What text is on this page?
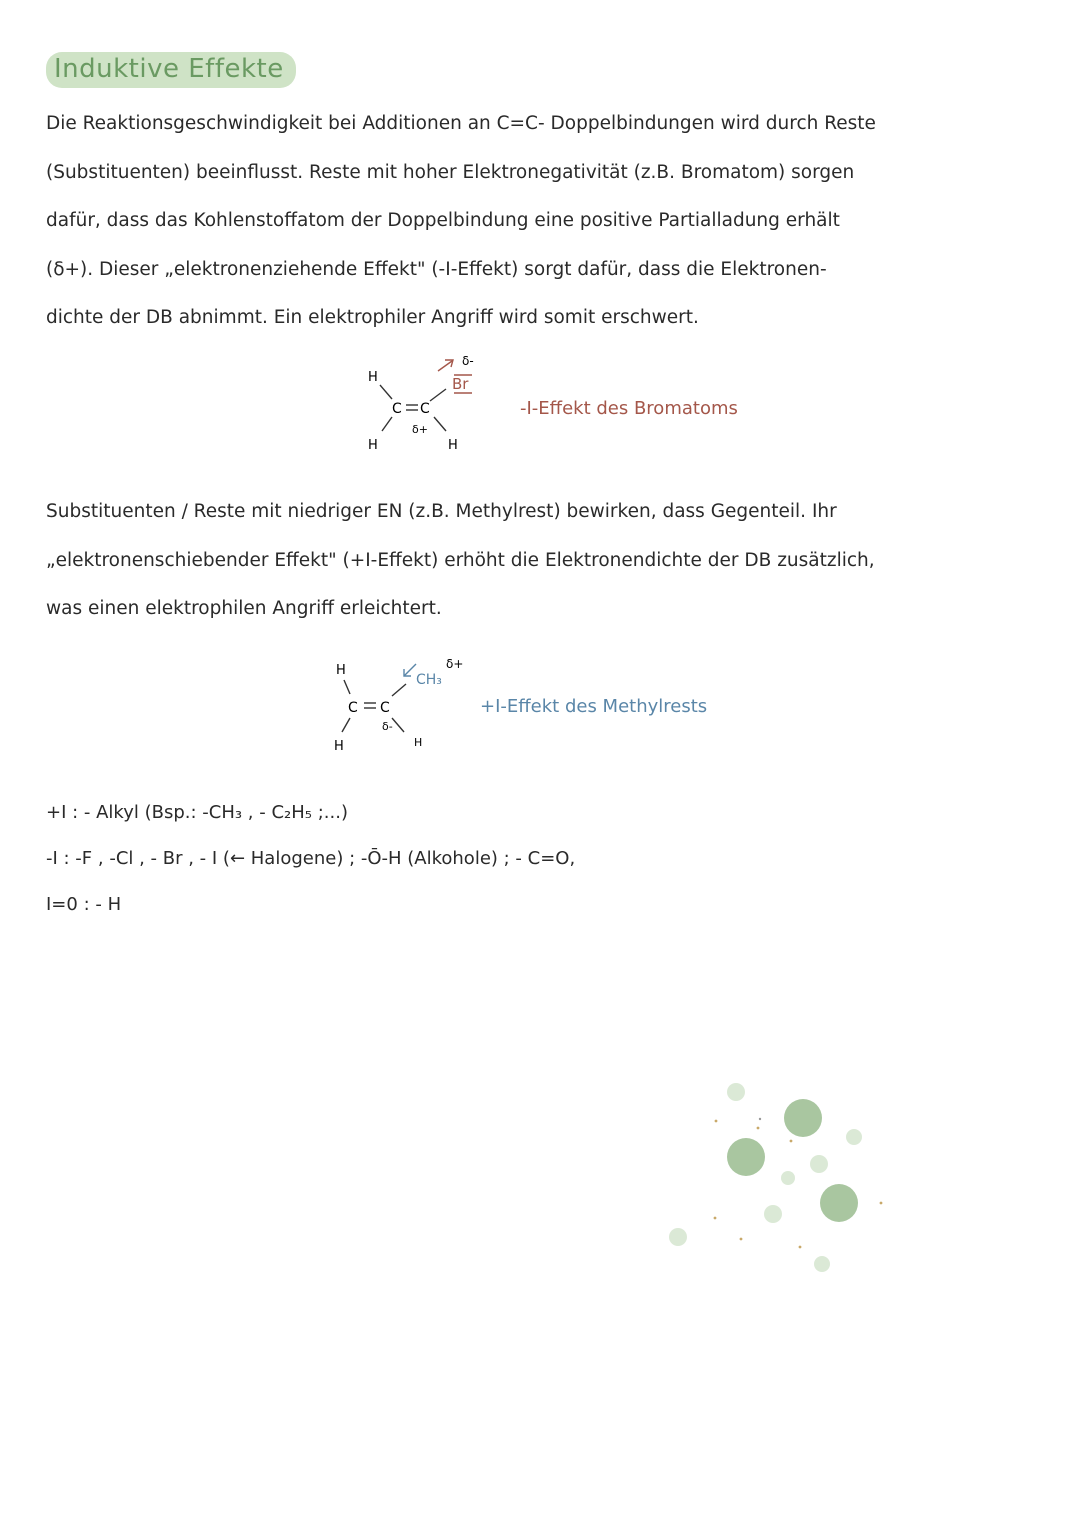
Induktive Effekte

Die Reaktionsgeschwindigkeit bei Additionen an C=C- Doppelbindungen wird durch Reste
(Substituenten) beeinflusst. Reste mit hoher Elektronegativität (z.B. Bromatom) sorgen
dafür, dass das Kohlenstoffatom der Doppelbindung eine positive Partialladung erhält
(δ+). Dieser „elektronenziehende Effekt" (-I-Effekt) sorgt dafür, dass die Elektronen-
dichte der DB abnimmt. Ein elektrophiler Angriff wird somit erschwert.

H
C C
H	H
δ+
Br
δ-
-I-Effekt des Bromatoms

Substituenten / Reste mit niedriger EN (z.B. Methylrest) bewirken, dass Gegenteil. Ihr
„elektronenschiebender Effekt" (+I-Effekt) erhöht die Elektronendichte der DB zusätzlich,
was einen elektrophilen Angriff erleichtert.

H
C C
H	H
δ-
CH₃
δ+
+I-Effekt des Methylrests
+I : - Alkyl (Bsp.: -CH₃ , - C₂H₅ ;...)
-I : -F , -Cl , - Br , - I (← Halogene) ; -Ō-H (Alkohole) ; - C=O,
I=0 : - H
